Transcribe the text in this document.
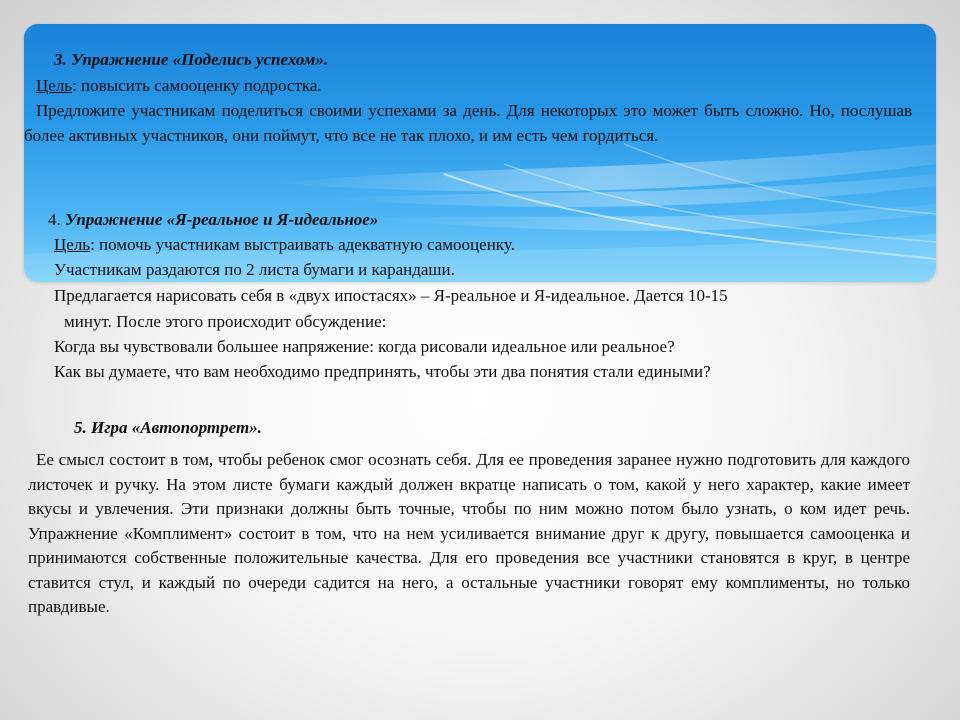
3. Упражнение «Поделись успехом».
Цель: повысить самооценку подростка.
Предложите участникам поделиться своими успехами за день. Для некоторых это может быть сложно. Но, послушав более активных участников, они поймут, что все не так плохо, и им есть чем гордиться.
4. Упражнение «Я-реальное и Я-идеальное»
Цель: помочь участникам выстраивать адекватную самооценку.
Участникам раздаются по 2 листа бумаги и карандаши.
Предлагается нарисовать себя в «двух ипостасях» – Я-реальное и Я-идеальное. Дается 10-15
минут. После этого происходит обсуждение:
Когда вы чувствовали большее напряжение: когда рисовали идеальное или реальное?
Как вы думаете, что вам необходимо предпринять, чтобы эти два понятия стали едиными?
5. Игра «Автопортрет».
Ее смысл состоит в том, чтобы ребенок смог осознать себя. Для ее проведения заранее нужно подготовить для каждого листочек и ручку. На этом листе бумаги каждый должен вкратце написать о том, какой у него характер, какие имеет вкусы и увлечения. Эти признаки должны быть точные, чтобы по ним можно потом было узнать, о ком идет речь. Упражнение «Комплимент» состоит в том, что на нем усиливается внимание друг к другу, повышается самооценка и принимаются собственные положительные качества. Для его проведения все участники становятся в круг, в центре ставится стул, и каждый по очереди садится на него, а остальные участники говорят ему комплименты, но только правдивые.
